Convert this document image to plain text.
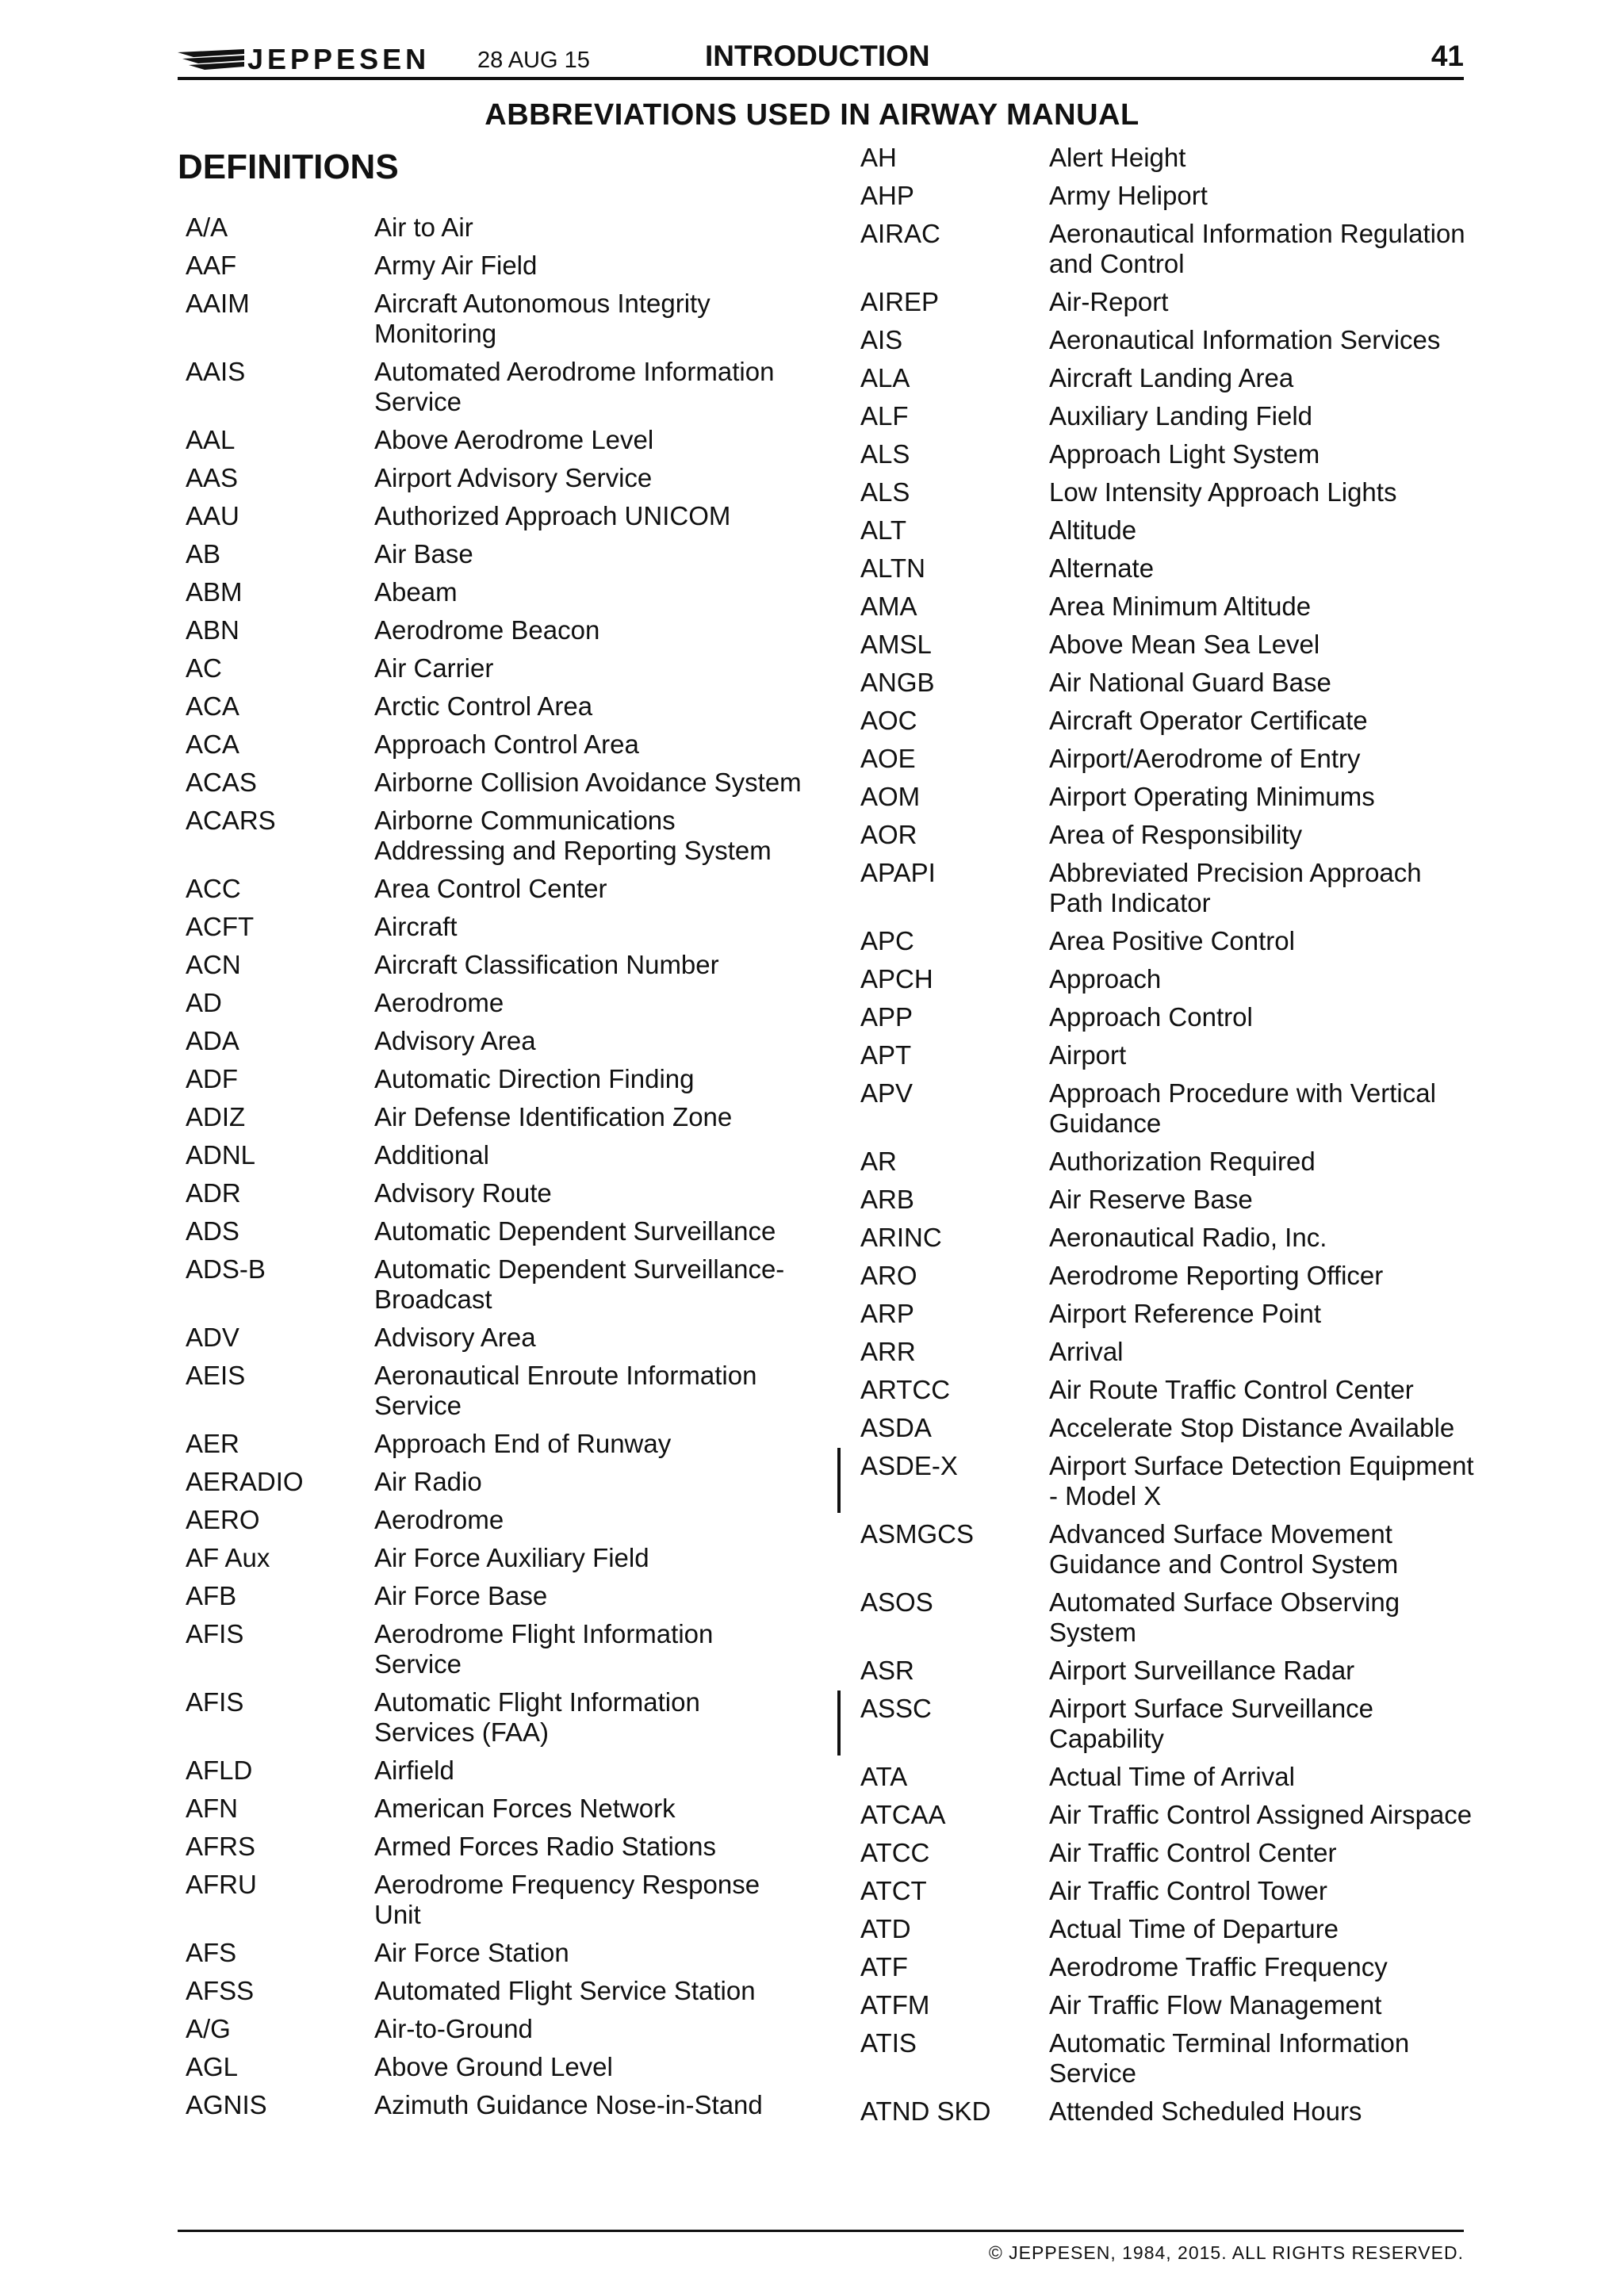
JEPPESEN 28 AUG 15	INTRODUCTION	41
ABBREVIATIONS USED IN AIRWAY MANUAL
DEFINITIONS
A/A	Air to Air
AAF	Army Air Field
AAIM	Aircraft Autonomous Integrity Monitoring
AAIS	Automated Aerodrome Information Service
AAL	Above Aerodrome Level
AAS	Airport Advisory Service
AAU	Authorized Approach UNICOM
AB	Air Base
ABM	Abeam
ABN	Aerodrome Beacon
AC	Air Carrier
ACA	Arctic Control Area
ACA	Approach Control Area
ACAS	Airborne Collision Avoidance System
ACARS	Airborne Communications Addressing and Reporting System
ACC	Area Control Center
ACFT	Aircraft
ACN	Aircraft Classification Number
AD	Aerodrome
ADA	Advisory Area
ADF	Automatic Direction Finding
ADIZ	Air Defense Identification Zone
ADNL	Additional
ADR	Advisory Route
ADS	Automatic Dependent Surveillance
ADS-B	Automatic Dependent Surveillance-Broadcast
ADV	Advisory Area
AEIS	Aeronautical Enroute Information Service
AER	Approach End of Runway
AERADIO	Air Radio
AERO	Aerodrome
AF Aux	Air Force Auxiliary Field
AFB	Air Force Base
AFIS	Aerodrome Flight Information Service
AFIS	Automatic Flight Information Services (FAA)
AFLD	Airfield
AFN	American Forces Network
AFRS	Armed Forces Radio Stations
AFRU	Aerodrome Frequency Response Unit
AFS	Air Force Station
AFSS	Automated Flight Service Station
A/G	Air-to-Ground
AGL	Above Ground Level
AGNIS	Azimuth Guidance Nose-in-Stand
AH	Alert Height
AHP	Army Heliport
AIRAC	Aeronautical Information Regulation and Control
AIREP	Air-Report
AIS	Aeronautical Information Services
ALA	Aircraft Landing Area
ALF	Auxiliary Landing Field
ALS	Approach Light System
ALS	Low Intensity Approach Lights
ALT	Altitude
ALTN	Alternate
AMA	Area Minimum Altitude
AMSL	Above Mean Sea Level
ANGB	Air National Guard Base
AOC	Aircraft Operator Certificate
AOE	Airport/Aerodrome of Entry
AOM	Airport Operating Minimums
AOR	Area of Responsibility
APAPI	Abbreviated Precision Approach Path Indicator
APC	Area Positive Control
APCH	Approach
APP	Approach Control
APT	Airport
APV	Approach Procedure with Vertical Guidance
AR	Authorization Required
ARB	Air Reserve Base
ARINC	Aeronautical Radio, Inc.
ARO	Aerodrome Reporting Officer
ARP	Airport Reference Point
ARR	Arrival
ARTCC	Air Route Traffic Control Center
ASDA	Accelerate Stop Distance Available
ASDE-X	Airport Surface Detection Equipment - Model X
ASMGCS	Advanced Surface Movement Guidance and Control System
ASOS	Automated Surface Observing System
ASR	Airport Surveillance Radar
ASSC	Airport Surface Surveillance Capability
ATA	Actual Time of Arrival
ATCAA	Air Traffic Control Assigned Airspace
ATCC	Air Traffic Control Center
ATCT	Air Traffic Control Tower
ATD	Actual Time of Departure
ATF	Aerodrome Traffic Frequency
ATFM	Air Traffic Flow Management
ATIS	Automatic Terminal Information Service
ATND SKD Attended Scheduled Hours
© JEPPESEN, 1984, 2015. ALL RIGHTS RESERVED.
